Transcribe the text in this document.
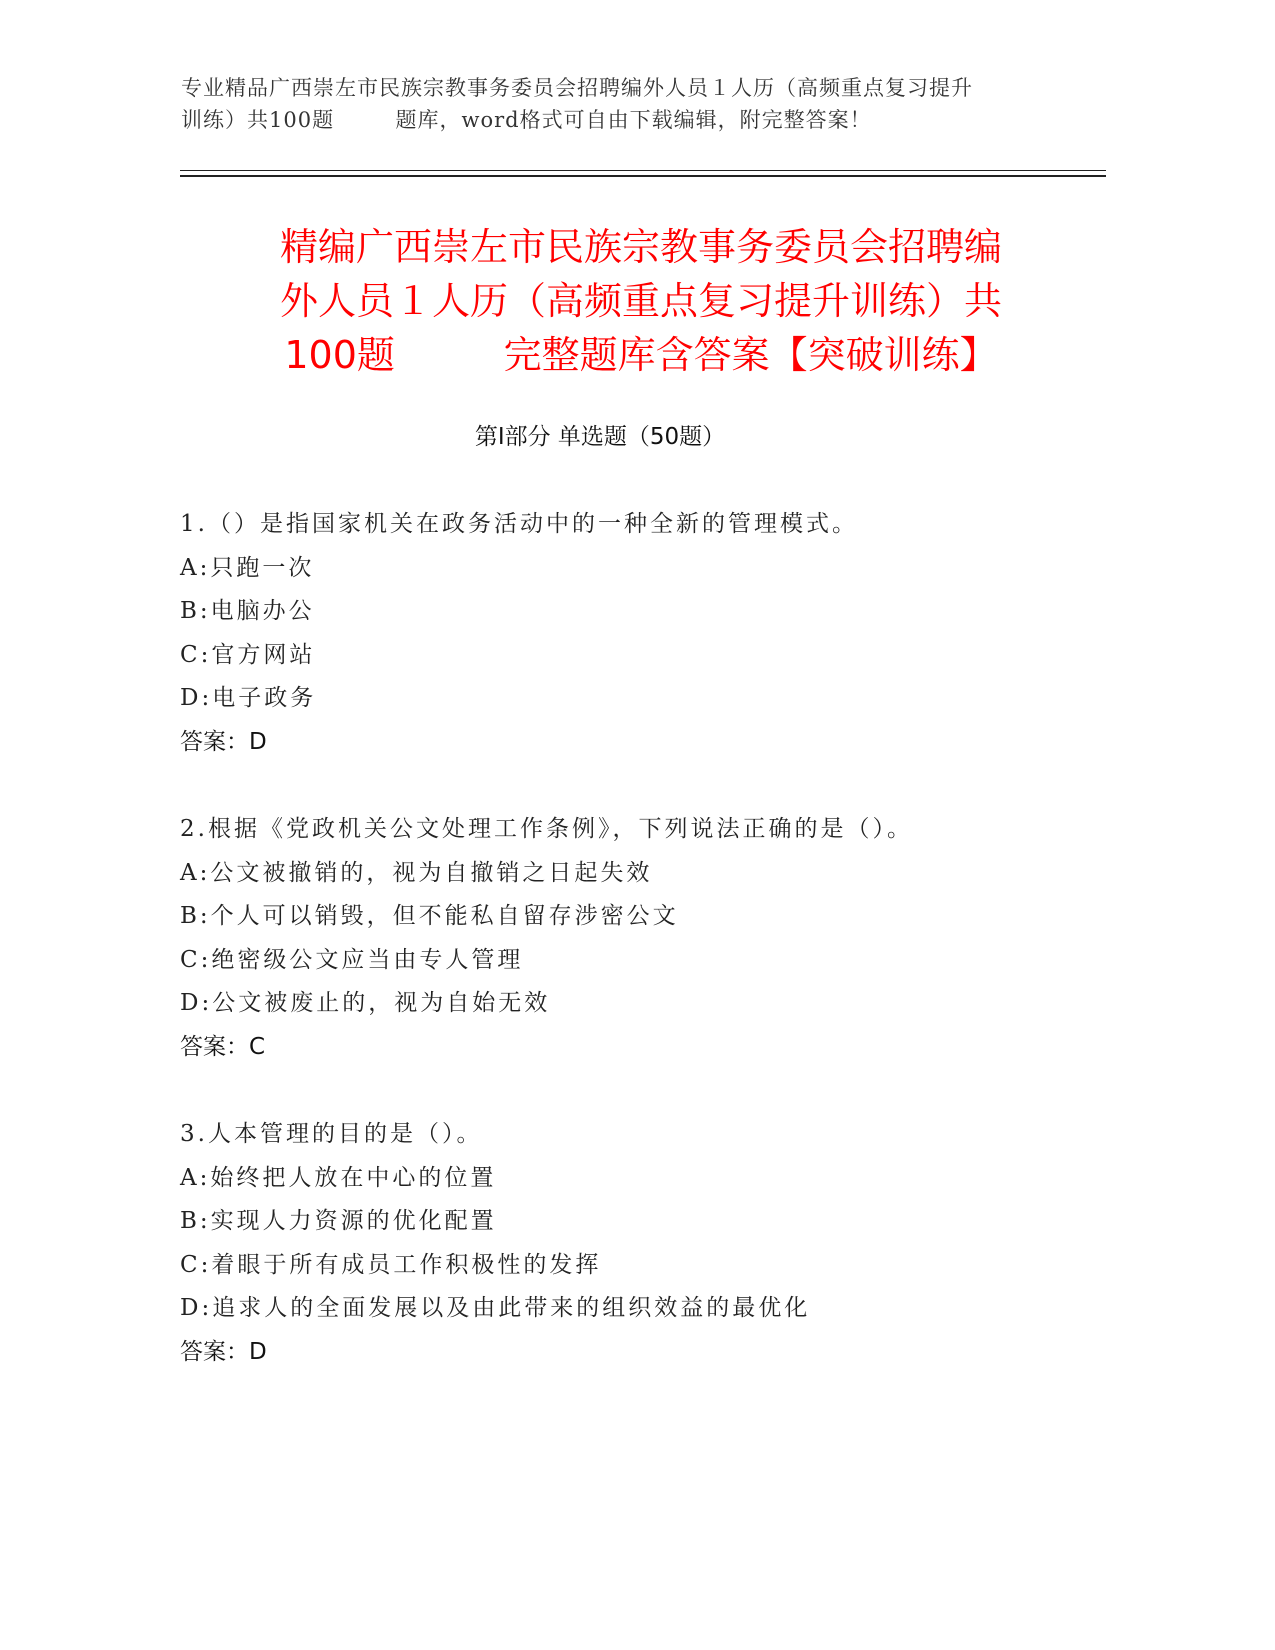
专业精品广西崇左市民族宗教事务委员会招聘编外人员１人历（高频重点复习提升
训练）共100题        题库，word格式可自由下载编辑，附完整答案！
精编广西崇左市民族宗教事务委员会招聘编
外人员１人历（高频重点复习提升训练）共
100题         完整题库含答案【突破训练】
第Ⅰ部分 单选题（50题）
1.（）是指国家机关在政务活动中的一种全新的管理模式。
A:只跑一次
B:电脑办公
C:官方网站
D:电子政务
答案：D
2.根据《党政机关公文处理工作条例》，下列说法正确的是（）。
A:公文被撤销的，视为自撤销之日起失效
B:个人可以销毁，但不能私自留存涉密公文
C:绝密级公文应当由专人管理
D:公文被废止的，视为自始无效
答案：C
3.人本管理的目的是（）。
A:始终把人放在中心的位置
B:实现人力资源的优化配置
C:着眼于所有成员工作积极性的发挥
D:追求人的全面发展以及由此带来的组织效益的最优化
答案：D
